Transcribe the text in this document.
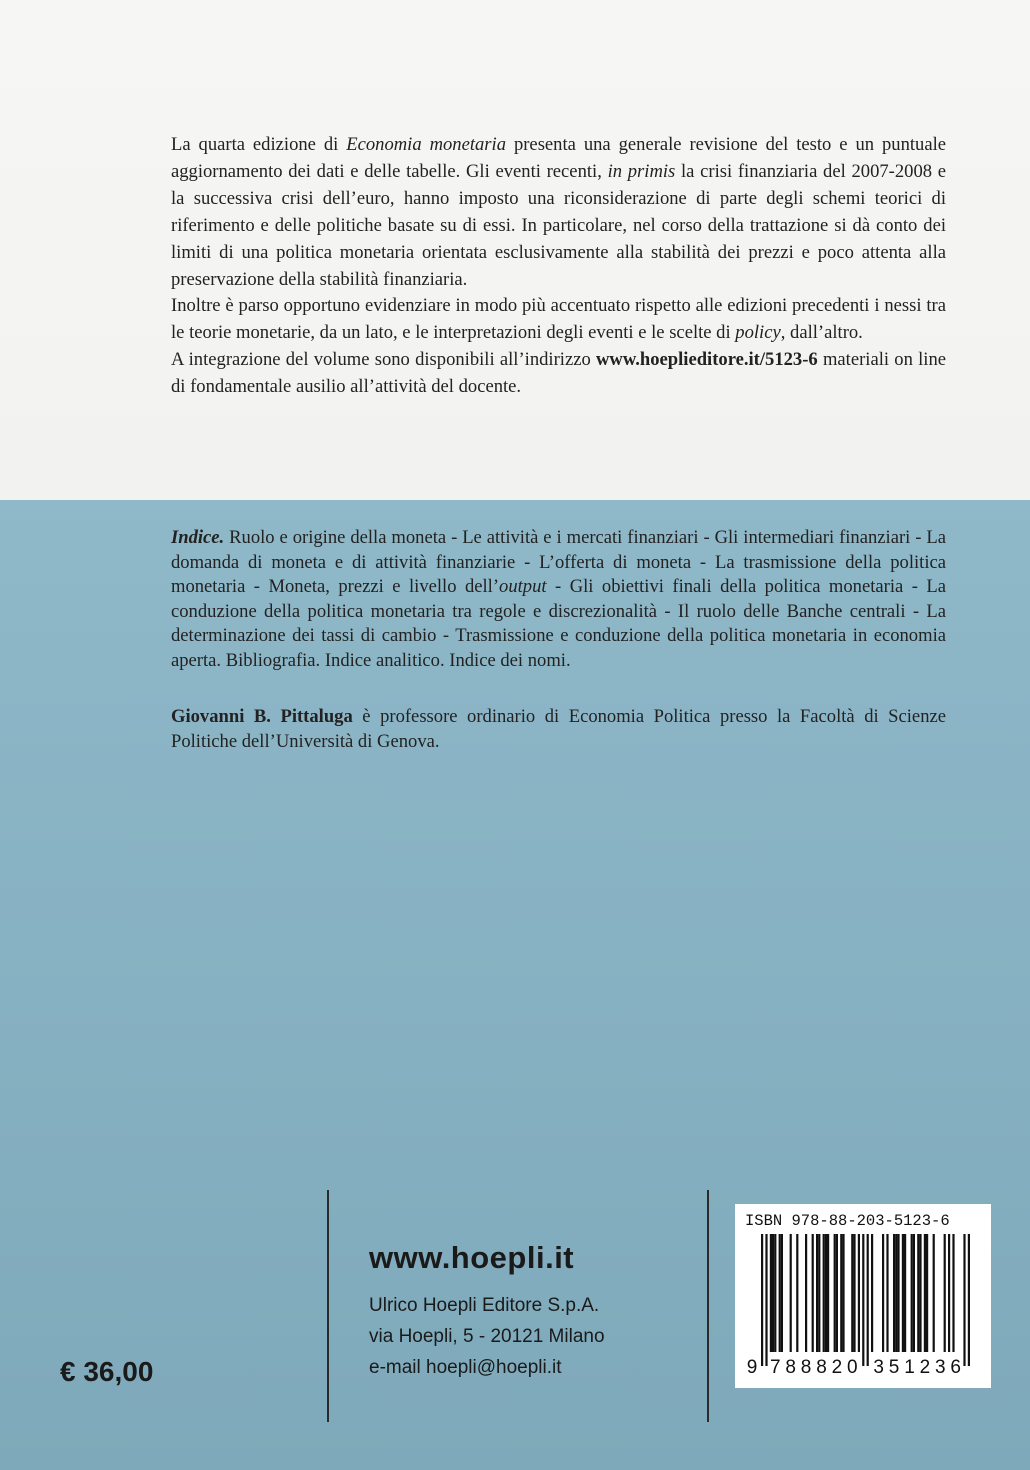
La quarta edizione di Economia monetaria presenta una generale revisione del testo e un puntuale aggiornamento dei dati e delle tabelle. Gli eventi recenti, in primis la crisi finanziaria del 2007-2008 e la successiva crisi dell’euro, hanno imposto una riconsiderazione di parte degli schemi teorici di riferimento e delle politiche basate su di essi. In particolare, nel corso della trattazione si dà conto dei limiti di una politica monetaria orientata esclusivamente alla stabilità dei prezzi e poco attenta alla preservazione della stabilità finanziaria.

Inoltre è parso opportuno evidenziare in modo più accentuato rispetto alle edizioni precedenti i nessi tra le teorie monetarie, da un lato, e le interpretazioni degli eventi e le scelte di policy, dall’altro.

A integrazione del volume sono disponibili all’indirizzo www.hoeplieditore.it/5123-6 materiali on line di fondamentale ausilio all’attività del docente.

Indice. Ruolo e origine della moneta - Le attività e i mercati finanziari - Gli intermediari finanziari - La domanda di moneta e di attività finanziarie - L’offerta di moneta - La trasmissione della politica monetaria - Moneta, prezzi e livello dell’output - Gli obiettivi finali della politica monetaria - La conduzione della politica monetaria tra regole e discrezionalità - Il ruolo delle Banche centrali - La determinazione dei tassi di cambio - Trasmissione e conduzione della politica monetaria in economia aperta. Bibliografia. Indice analitico. Indice dei nomi.

Giovanni B. Pittaluga è professore ordinario di Economia Politica presso la Facoltà di Scienze Politiche dell’Università di Genova.

www.hoepli.it
Ulrico Hoepli Editore S.p.A.
via Hoepli, 5 - 20121 Milano
e-mail hoepli@hoepli.it
€ 36,00
ISBN 978-88-203-5123-6
9 7 8 8 8 2 0 3 5 1 2 3 6
